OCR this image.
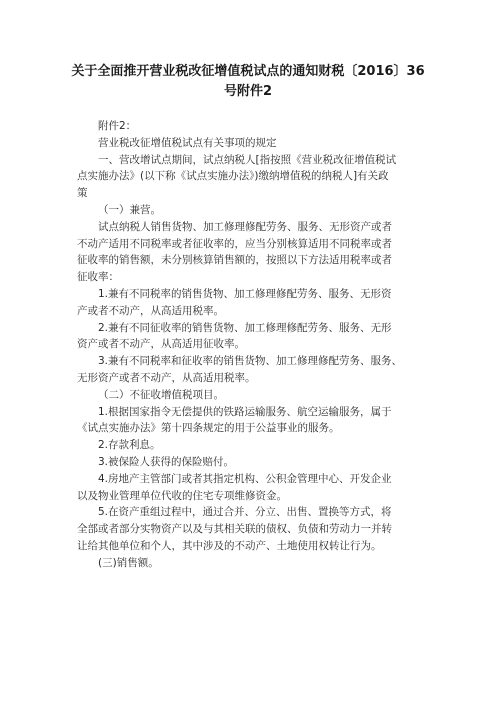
关于全面推开营业税改征增值税试点的通知财税〔2016〕36
号附件2

附件2：

营业税改征增值税试点有关事项的规定

一、营改增试点期间，试点纳税人[指按照《营业税改征增值税试

点实施办法》(以下称《试点实施办法》)缴纳增值税的纳税人]有关政

策

（一）兼营。

试点纳税人销售货物、加工修理修配劳务、服务、无形资产或者

不动产适用不同税率或者征收率的，应当分别核算适用不同税率或者

征收率的销售额，未分别核算销售额的，按照以下方法适用税率或者

征收率：

1.兼有不同税率的销售货物、加工修理修配劳务、服务、无形资

产或者不动产，从高适用税率。

2.兼有不同征收率的销售货物、加工修理修配劳务、服务、无形

资产或者不动产，从高适用征收率。

3.兼有不同税率和征收率的销售货物、加工修理修配劳务、服务、

无形资产或者不动产，从高适用税率。

（二）不征收增值税项目。

1.根据国家指令无偿提供的铁路运输服务、航空运输服务，属于

《试点实施办法》第十四条规定的用于公益事业的服务。

2.存款利息。

3.被保险人获得的保险赔付。

4.房地产主管部门或者其指定机构、公积金管理中心、开发企业

以及物业管理单位代收的住宅专项维修资金。

5.在资产重组过程中，通过合并、分立、出售、置换等方式，将

全部或者部分实物资产以及与其相关联的债权、负债和劳动力一并转

让给其他单位和个人，其中涉及的不动产、土地使用权转让行为。

(三)销售额。
